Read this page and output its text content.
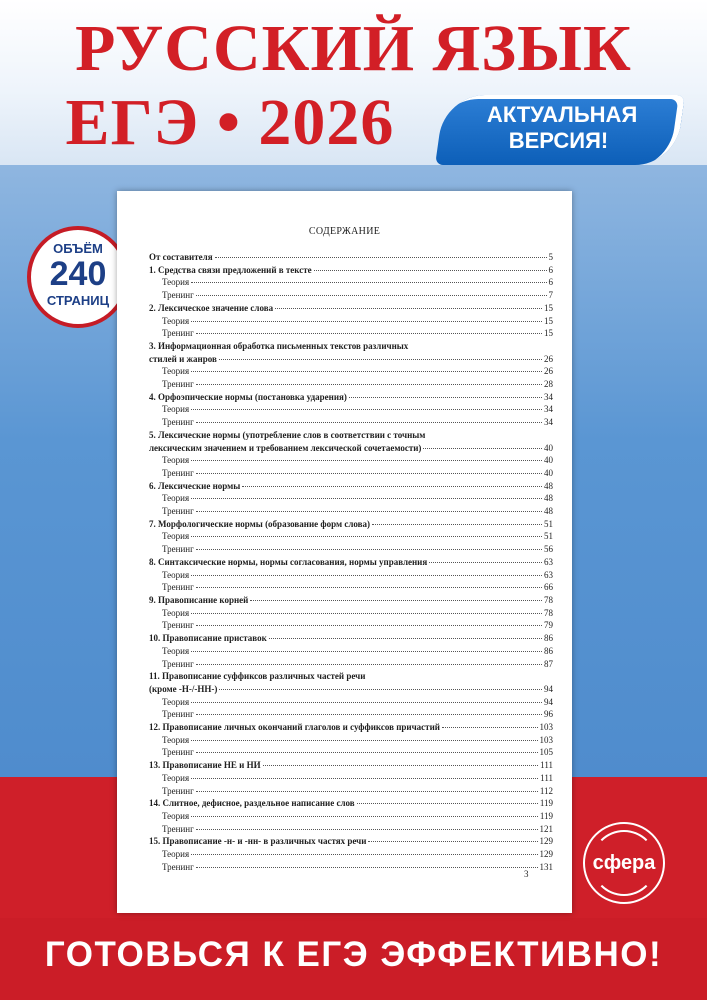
РУССКИЙ ЯЗЫК
ЕГЭ • 2026	АКТУАЛЬНАЯ
ВЕРСИЯ!
ОБЪЁМ
240
СТРАНИЦ
СОДЕРЖАНИЕ
От составителя	5
1. Средства связи предложений в тексте	6
Теория	6
Тренинг	7
2. Лексическое значение слова	15
Теория	15
Тренинг	15
3. Информационная обработка письменных текстов различных
стилей и жанров	26
Теория	26
Тренинг	28
4. Орфоэпические нормы (постановка ударения)	34
Теория	34
Тренинг	34
5. Лексические нормы (употребление слов в соответствии с точным
лексическим значением и требованием лексической сочетаемости)	40
Теория	40
Тренинг	40
6. Лексические нормы	48
Теория	48
Тренинг	48
7. Морфологические нормы (образование форм слова)	51
Теория	51
Тренинг	56
8. Синтаксические нормы, нормы согласования, нормы управления	63
Теория	63
Тренинг	66
9. Правописание корней	78
Теория	78
Тренинг	79
10. Правописание приставок	86
Теория	86
Тренинг	87
11. Правописание суффиксов различных частей речи
(кроме -Н-/-НН-)	94
Теория	94
Тренинг	96
12. Правописание личных окончаний глаголов и суффиксов причастий	103
Теория	103
Тренинг	105
13. Правописание НЕ и НИ	111
Теория	111
Тренинг	112
14. Слитное, дефисное, раздельное написание слов	119
Теория	119
Тренинг	121
15. Правописание -н- и -нн- в различных частях речи	129
Теория	129
Тренинг	131
3	сфера
ГОТОВЬСЯ К ЕГЭ ЭФФЕКТИВНО!
